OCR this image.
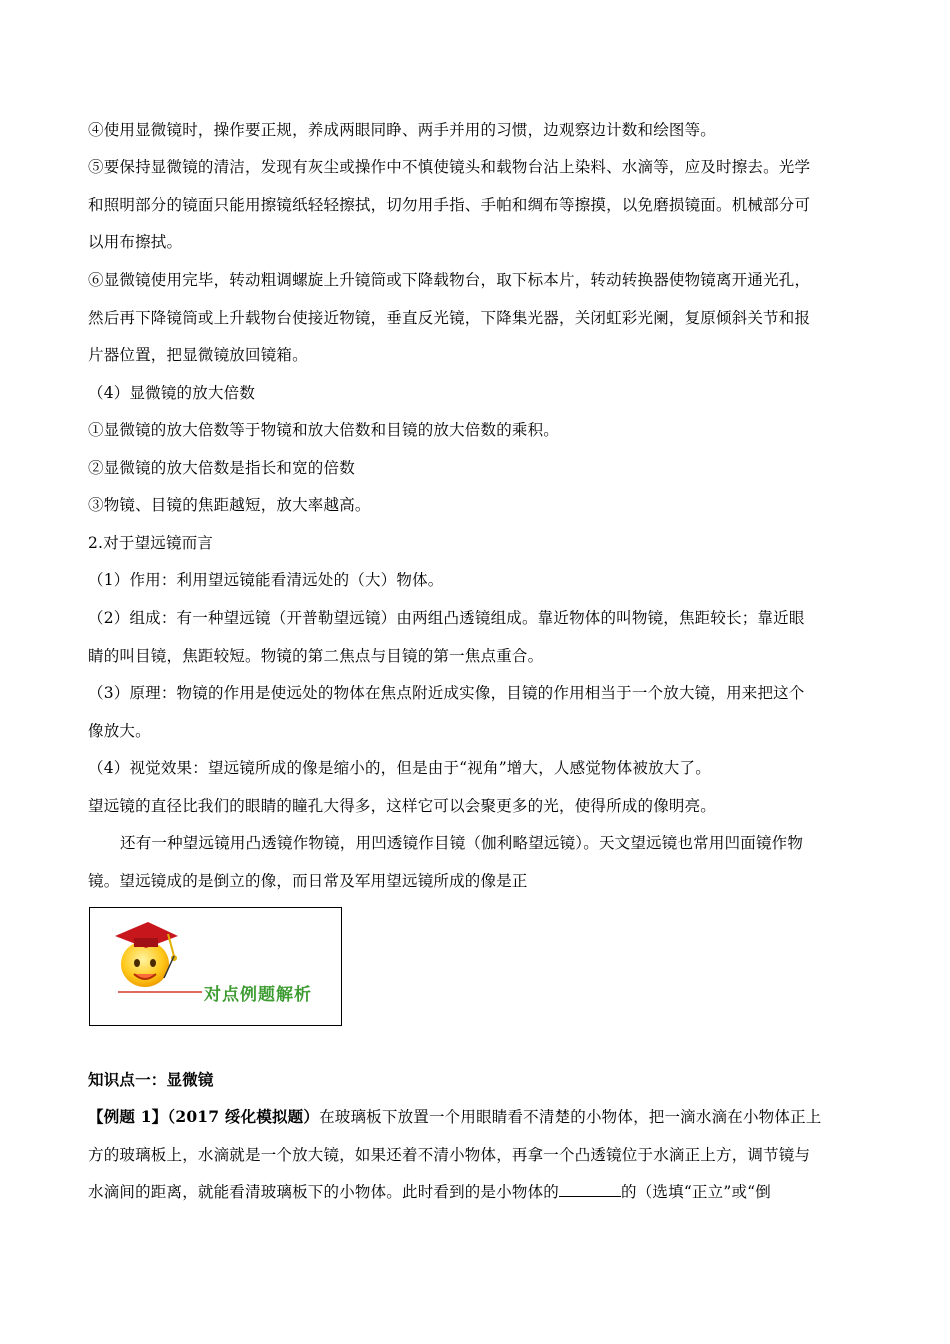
④使用显微镜时，操作要正规，养成两眼同睁、两手并用的习惯，边观察边计数和绘图等。
⑤要保持显微镜的清洁，发现有灰尘或操作中不慎使镜头和载物台沾上染料、水滴等，应及时擦去。光学
和照明部分的镜面只能用擦镜纸轻轻擦拭，切勿用手指、手帕和绸布等擦摸，以免磨损镜面。机械部分可
以用布擦拭。
⑥显微镜使用完毕，转动粗调螺旋上升镜筒或下降载物台，取下标本片，转动转换器使物镜离开通光孔，
然后再下降镜筒或上升载物台使接近物镜，垂直反光镜，下降集光器，关闭虹彩光阑，复原倾斜关节和报
片器位置，把显微镜放回镜箱。
（4）显微镜的放大倍数
①显微镜的放大倍数等于物镜和放大倍数和目镜的放大倍数的乘积。
②显微镜的放大倍数是指长和宽的倍数
③物镜、目镜的焦距越短，放大率越高。
2.对于望远镜而言
（1）作用：利用望远镜能看清远处的（大）物体。
（2）组成：有一种望远镜（开普勒望远镜）由两组凸透镜组成。靠近物体的叫物镜，焦距较长；靠近眼
睛的叫目镜，焦距较短。物镜的第二焦点与目镜的第一焦点重合。
（3）原理：物镜的作用是使远处的物体在焦点附近成实像，目镜的作用相当于一个放大镜，用来把这个
像放大。
（4）视觉效果：望远镜所成的像是缩小的，但是由于“视角”增大，人感觉物体被放大了。
望远镜的直径比我们的眼睛的瞳孔大得多，这样它可以会聚更多的光，使得所成的像明亮。
还有一种望远镜用凸透镜作物镜，用凹透镜作目镜（伽利略望远镜）。天文望远镜也常用凹面镜作物
镜。望远镜成的是倒立的像，而日常及军用望远镜所成的像是正
对点例题解析
知识点一：显微镜
【例题 1】（2017 绥化模拟题）在玻璃板下放置一个用眼睛看不清楚的小物体，把一滴水滴在小物体正上
方的玻璃板上，水滴就是一个放大镜，如果还着不清小物体，再拿一个凸透镜位于水滴正上方，调节镜与
水滴间的距离，就能看清玻璃板下的小物体。此时看到的是小物体的	的（选填“正立”或“倒
